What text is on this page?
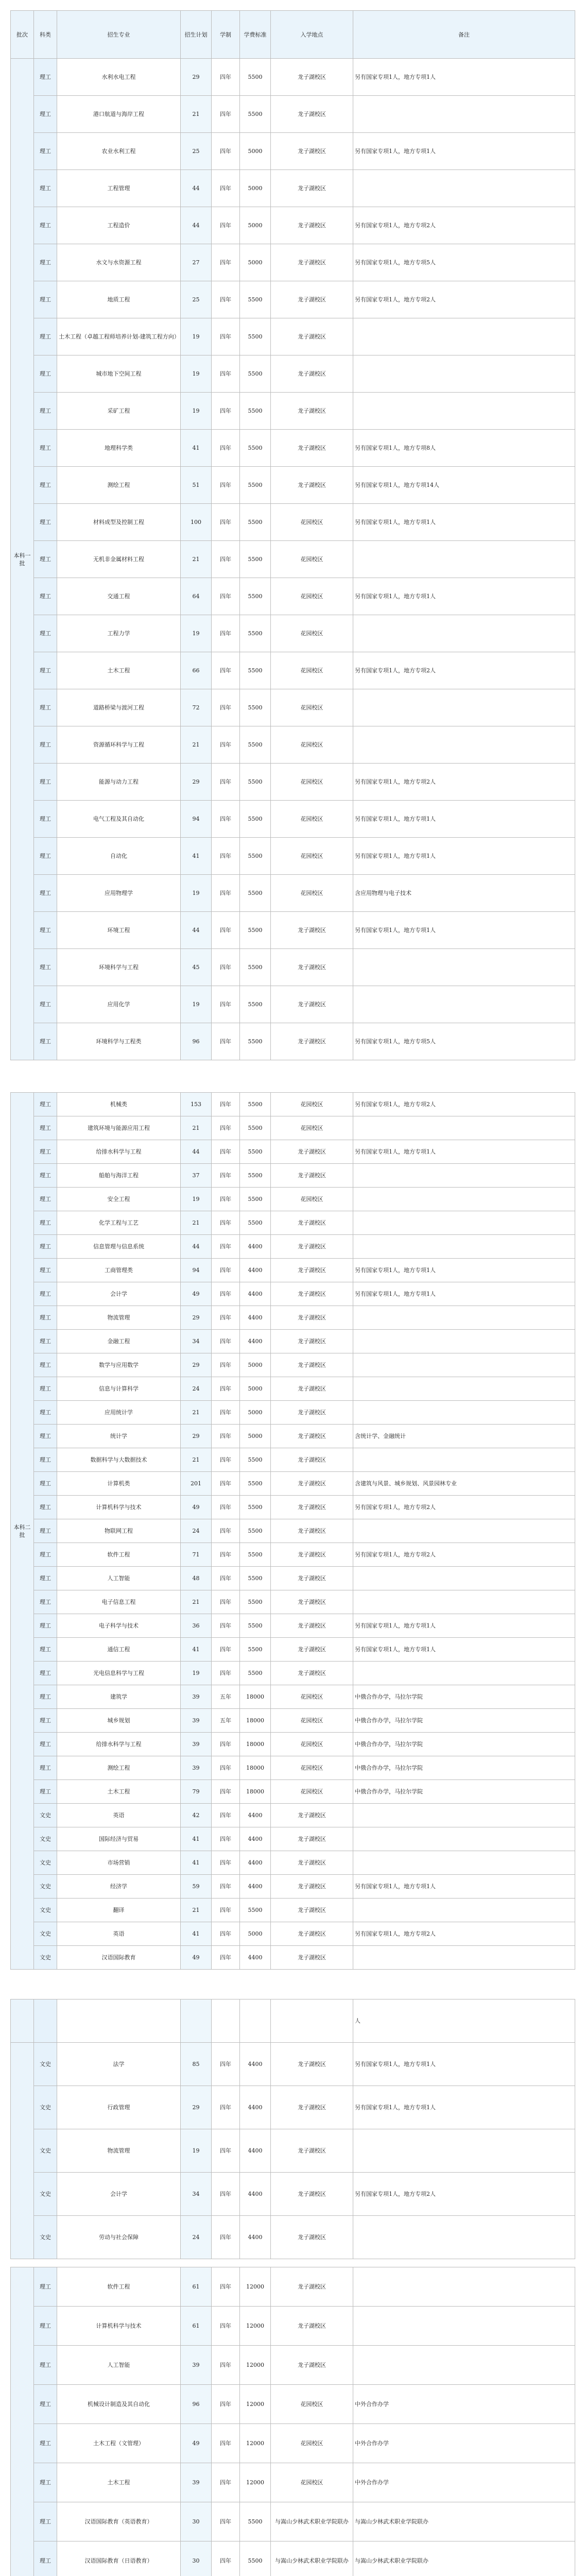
批次	科类	招生专业	招生计划	学制	学费标准	入学地点	备注
本科一批	理工	水利水电工程	29	四年	5500	龙子湖校区	另有国家专项1人，地方专项1人
	理工	港口航道与海岸工程	21	四年	5500	龙子湖校区	
	理工	农业水利工程	25	四年	5000	龙子湖校区	另有国家专项1人，地方专项1人
	理工	工程管理	44	四年	5000	龙子湖校区	
	理工	工程造价	44	四年	5000	龙子湖校区	另有国家专项1人，地方专项2人
	理工	水文与水资源工程	27	四年	5000	龙子湖校区	另有国家专项1人，地方专项5人
	理工	地质工程	25	四年	5500	龙子湖校区	另有国家专项1人，地方专项2人
	理工	土木工程（卓越工程师培养计划-建筑工程方向）	19	四年	5500	龙子湖校区	
	理工	城市地下空间工程	19	四年	5500	龙子湖校区	
	理工	采矿工程	19	四年	5500	龙子湖校区	
	理工	地理科学类	41	四年	5500	龙子湖校区	另有国家专项1人，地方专项8人
	理工	测绘工程	51	四年	5500	龙子湖校区	另有国家专项1人，地方专项14人
	理工	材料成型及控制工程	100	四年	5500	花园校区	另有国家专项1人，地方专项1人
	理工	无机非金属材料工程	21	四年	5500	花园校区	
	理工	交通工程	64	四年	5500	花园校区	另有国家专项1人，地方专项1人
	理工	工程力学	19	四年	5500	花园校区	
	理工	土木工程	66	四年	5500	花园校区	另有国家专项1人，地方专项2人
	理工	道路桥梁与渡河工程	72	四年	5500	花园校区	
	理工	资源循环科学与工程	21	四年	5500	花园校区	
	理工	能源与动力工程	29	四年	5500	花园校区	另有国家专项1人，地方专项2人
	理工	电气工程及其自动化	94	四年	5500	花园校区	另有国家专项1人，地方专项1人
	理工	自动化	41	四年	5500	花园校区	另有国家专项1人，地方专项1人
	理工	应用物理学	19	四年	5500	花园校区	含应用物理与电子技术
	理工	环境工程	44	四年	5500	龙子湖校区	另有国家专项1人，地方专项1人
	理工	环境科学与工程	45	四年	5500	龙子湖校区	
	理工	应用化学	19	四年	5500	龙子湖校区	
	理工	环境科学与工程类	96	四年	5500	龙子湖校区	另有国家专项1人，地方专项5人
本科二批	理工	机械类	153	四年	5500	花园校区	另有国家专项1人，地方专项2人
	理工	建筑环境与能源应用工程	21	四年	5500	花园校区	
	理工	给排水科学与工程	44	四年	5500	龙子湖校区	另有国家专项1人，地方专项1人
	理工	船舶与海洋工程	37	四年	5500	龙子湖校区	
	理工	安全工程	19	四年	5500	花园校区	
	理工	化学工程与工艺	21	四年	5500	龙子湖校区	
	理工	信息管理与信息系统	44	四年	4400	龙子湖校区	
	理工	工商管理类	94	四年	4400	龙子湖校区	另有国家专项1人，地方专项1人
	理工	会计学	49	四年	4400	龙子湖校区	另有国家专项1人，地方专项1人
	理工	物流管理	29	四年	4400	龙子湖校区	
	理工	金融工程	34	四年	4400	龙子湖校区	
	理工	数学与应用数学	29	四年	5000	龙子湖校区	
	理工	信息与计算科学	24	四年	5000	龙子湖校区	
	理工	应用统计学	21	四年	5000	龙子湖校区	
	理工	统计学	29	四年	5000	龙子湖校区	含统计学、金融统计
	理工	数据科学与大数据技术	21	四年	5500	龙子湖校区	
	理工	计算机类	201	四年	5500	龙子湖校区	含建筑与风景、城乡规划、风景园林专业
	理工	计算机科学与技术	49	四年	5500	龙子湖校区	另有国家专项1人，地方专项2人
	理工	物联网工程	24	四年	5500	龙子湖校区	
	理工	软件工程	71	四年	5500	龙子湖校区	另有国家专项1人，地方专项2人
	理工	人工智能	48	四年	5500	龙子湖校区	
	理工	电子信息工程	21	四年	5500	龙子湖校区	
	理工	电子科学与技术	36	四年	5500	龙子湖校区	另有国家专项1人，地方专项1人
	理工	通信工程	41	四年	5500	龙子湖校区	另有国家专项1人，地方专项1人
	理工	光电信息科学与工程	19	四年	5500	龙子湖校区	
	理工	建筑学	39	五年	18000	花园校区	中俄合作办学，马拉尔学院
	理工	城乡规划	39	五年	18000	花园校区	中俄合作办学，马拉尔学院
	理工	给排水科学与工程	39	四年	18000	花园校区	中俄合作办学，马拉尔学院
	理工	测绘工程	39	四年	18000	花园校区	中俄合作办学，马拉尔学院
	理工	土木工程	79	四年	18000	花园校区	中俄合作办学，马拉尔学院
	文史	英语	42	四年	4400	龙子湖校区	
	文史	国际经济与贸易	41	四年	4400	龙子湖校区	
	文史	市场营销	41	四年	4400	龙子湖校区	
	文史	经济学	59	四年	4400	龙子湖校区	另有国家专项1人，地方专项1人
	文史	翻译	21	四年	5500	龙子湖校区	
	文史	英语	41	四年	5000	龙子湖校区	另有国家专项1人，地方专项2人
	文史	汉语国际教育	49	四年	4400	龙子湖校区	
							人
	文史	法学	85	四年	4400	龙子湖校区	另有国家专项1人，地方专项1人
	文史	行政管理	29	四年	4400	龙子湖校区	另有国家专项1人，地方专项1人
	文史	物流管理	19	四年	4400	龙子湖校区	
	文史	会计学	34	四年	4400	龙子湖校区	另有国家专项1人，地方专项2人
	文史	劳动与社会保障	24	四年	4400	龙子湖校区	
	理工	软件工程	61	四年	12000	龙子湖校区	
	理工	计算机科学与技术	61	四年	12000	龙子湖校区	
	理工	人工智能	39	四年	12000	龙子湖校区	
	理工	机械设计制造及其自动化	96	四年	12000	花园校区	中外合作办学
	理工	土木工程（文管理）	49	四年	12000	花园校区	中外合作办学
	理工	土木工程	39	四年	12000	花园校区	中外合作办学
	理工	汉语国际教育（英语教育）	30	四年	5500	与嵩山少林武术职业学院联办	与嵩山少林武术职业学院联办
	理工	汉语国际教育（日语教育）	30	四年	5500	与嵩山少林武术职业学院联办	与嵩山少林武术职业学院联办
